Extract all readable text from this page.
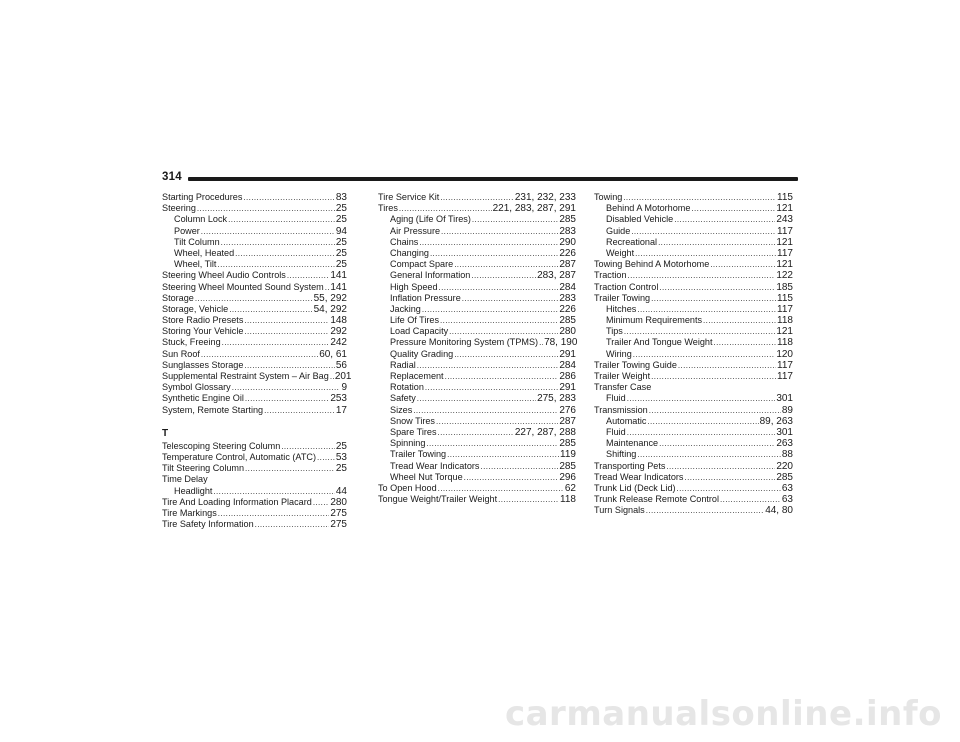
314
Starting Procedures .....	83
Steering .....	25
Column Lock .....	25
Power .....	94
Tilt Column .....	25
Wheel, Heated .....	25
Wheel, Tilt .....	25
Steering Wheel Audio Controls .....	141
Steering Wheel Mounted Sound System ..... 141
Storage .....	55, 292
Storage, Vehicle .....	54, 292
Store Radio Presets .....	148
Storing Your Vehicle .....	292
Stuck, Freeing .....	242
Sun Roof .....	60, 61
Sunglasses Storage .....	56
Supplemental Restraint System – Air Bag ..... 201
Symbol Glossary .....	9
Synthetic Engine Oil .....	253
System, Remote Starting .....	17
T
Telescoping Steering Column .....	25
Temperature Control, Automatic (ATC) ..... 53
Tilt Steering Column .....	25
Time Delay
Headlight .....	44
Tire And Loading Information Placard ..... 280
Tire Markings .....	275
Tire Safety Information .....	275
Tire Service Kit .....	231, 232, 233
Tires .....	221, 283, 287, 291
Aging (Life Of Tires) .....	285
Air Pressure .....	283
Chains .....	290
Changing .....	226
Compact Spare .....	287
General Information .....	283, 287
High Speed .....	284
Inflation Pressure .....	283
Jacking .....	226
Life Of Tires .....	285
Load Capacity .....	280
Pressure Monitoring System (TPMS) ..... 78, 190
Quality Grading .....	291
Radial .....	284
Replacement .....	286
Rotation .....	291
Safety .....	275, 283
Sizes .....	276
Snow Tires .....	287
Spare Tires .....	227, 287, 288
Spinning .....	285
Trailer Towing .....	119
Tread Wear Indicators .....	285
Wheel Nut Torque .....	296
To Open Hood .....	62
Tongue Weight/Trailer Weight .....	118
Towing .....	115
Behind A Motorhome .....	121
Disabled Vehicle .....	243
Guide .....	117
Recreational .....	121
Weight .....	117
Towing Behind A Motorhome .....	121
Traction .....	122
Traction Control .....	185
Trailer Towing .....	115
Hitches .....	117
Minimum Requirements .....	118
Tips .....	121
Trailer And Tongue Weight .....	118
Wiring .....	120
Trailer Towing Guide .....	117
Trailer Weight .....	117
Transfer Case
Fluid .....	301
Transmission .....	89
Automatic .....	89, 263
Fluid .....	301
Maintenance .....	263
Shifting .....	88
Transporting Pets .....	220
Tread Wear Indicators .....	285
Trunk Lid (Deck Lid) .....	63
Trunk Release Remote Control .....	63
Turn Signals .....	44, 80
carmanualsonline.info
